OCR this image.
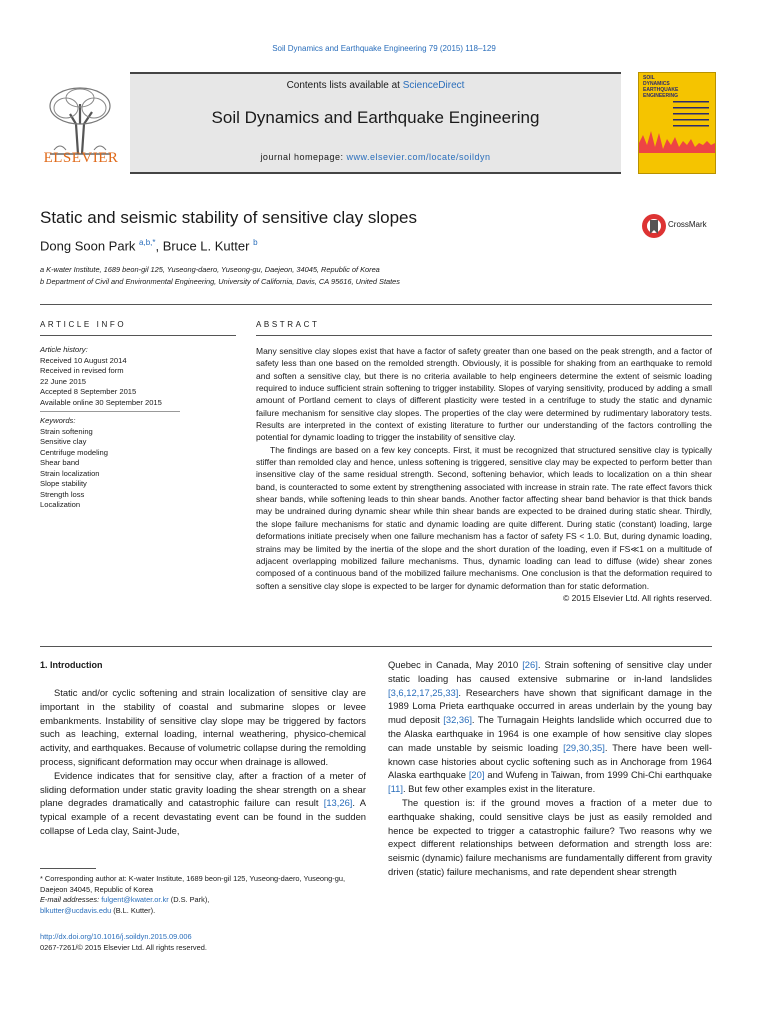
Soil Dynamics and Earthquake Engineering 79 (2015) 118–129
Contents lists available at ScienceDirect
Soil Dynamics and Earthquake Engineering
journal homepage: www.elsevier.com/locate/soildyn
ELSEVIER
SOIL
DYNAMICS
EARTHQUAKE
ENGINEERING
Static and seismic stability of sensitive clay slopes
Dong Soon Park $^{a,b,*}$, Bruce L. Kutter $^b$
CrossMark
a K-water Institute, 1689 beon-gil 125, Yuseong-daero, Yuseong-gu, Daejeon, 34045, Republic of Korea
b Department of Civil and Environmental Engineering, University of California, Davis, CA 95616, United States
ARTICLE INFO
Article history:
Received 10 August 2014
Received in revised form
22 June 2015
Accepted 8 September 2015
Available online 30 September 2015
Keywords:
Strain softening
Sensitive clay
Centrifuge modeling
Shear band
Strain localization
Slope stability
Strength loss
Localization
ABSTRACT

Many sensitive clay slopes exist that have a factor of safety greater than one based on the peak strength, and a factor of safety less than one based on the remolded strength. Obviously, it is possible for shaking from an earthquake to remold and soften a sensitive clay, but there is no criteria available to help engineers determine the extent of seismic loading required to induce sufficient strain softening to trigger instability. Slopes of varying sensitivity, produced by adding a small amount of Portland cement to clays of different plasticity were tested in a centrifuge to study the static and dynamic failure mechanism for sensitive clay slopes. The properties of the clay were determined by rudimentary laboratory tests. Results are interpreted in the context of existing literature to further our understanding of the factors controlling the potential for dynamic loading to trigger the instability of sensitive clay.

The findings are based on a few key concepts. First, it must be recognized that structured sensitive clay is typically stiffer than remolded clay and hence, unless softening is triggered, sensitive clay may be expected to perform better than insensitive clay of the same residual strength. Second, softening behavior, which leads to localization on a thin shear band, is counteracted to some extent by strengthening associated with increase in strain rate. The rate effect favors thick shear bands, while softening leads to thin shear bands. Another factor affecting shear band behavior is that thick bands may be undrained during dynamic shear while thin shear bands are expected to be drained during static shear. Thirdly, the slope failure mechanisms for static and dynamic loading are quite different. During static (constant) loading, large deformations initiate precisely when one failure mechanism has a factor of safety FS < 1.0. But, during dynamic loading, strains may be limited by the inertia of the slope and the short duration of the loading, even if FS≪1 on a multitude of adjacent overlapping mobilized failure mechanisms. Thus, dynamic loading can lead to diffuse (wide) shear zones composed of a continuous band of the mobilized failure mechanisms. One conclusion is that the deformation required to soften a sensitive clay slope is expected to be larger for dynamic deformation than for static deformation.

© 2015 Elsevier Ltd. All rights reserved.

1. Introduction

Static and/or cyclic softening and strain localization of sensitive clay are important in the stability of coastal and submarine slopes or levee embankments. Instability of sensitive clay slope may be triggered by factors such as leaching, external loading, internal weathering, physico-chemical activity, and earthquakes. Because of volumetric collapse during the remolding process, significant deformation may occur when drainage is allowed.

Evidence indicates that for sensitive clay, after a fraction of a meter of sliding deformation under static gravity loading the shear strength on a shear plane degrades dramatically and catastrophic failure can result [13,26]. A typical example of a recent devastating event can be found in the sudden collapse of Leda clay, Saint-Jude,

* Corresponding author at: K-water Institute, 1689 beon-gil 125, Yuseong-daero, Yuseong-gu, Daejeon 34045, Republic of Korea
E-mail addresses: fulgent@kwater.or.kr (D.S. Park),
blkutter@ucdavis.edu (B.L. Kutter).
http://dx.doi.org/10.1016/j.soildyn.2015.09.006
0267-7261/© 2015 Elsevier Ltd. All rights reserved.

Quebec in Canada, May 2010 [26]. Strain softening of sensitive clay under static loading has caused extensive submarine or in-land landslides [3,6,12,17,25,33]. Researchers have shown that significant damage in the 1989 Loma Prieta earthquake occurred in areas underlain by the young bay mud deposit [32,36]. The Turnagain Heights landslide which occurred due to the Alaska earthquake in 1964 is one example of how sensitive clay slopes can made unstable by seismic loading [29,30,35]. There have been well-known case histories about cyclic softening such as in Anchorage from 1964 Alaska earthquake [20] and Wufeng in Taiwan, from 1999 Chi-Chi earthquake [11]. But few other examples exist in the literature.

The question is: if the ground moves a fraction of a meter due to earthquake shaking, could sensitive clays be just as easily remolded and hence be expected to trigger a catastrophic failure? Two reasons why we expect different relationships between deformation and strength loss are: seismic (dynamic) failure mechanisms are fundamentally different from gravity driven (static) failure mechanisms, and rate dependent shear strength
